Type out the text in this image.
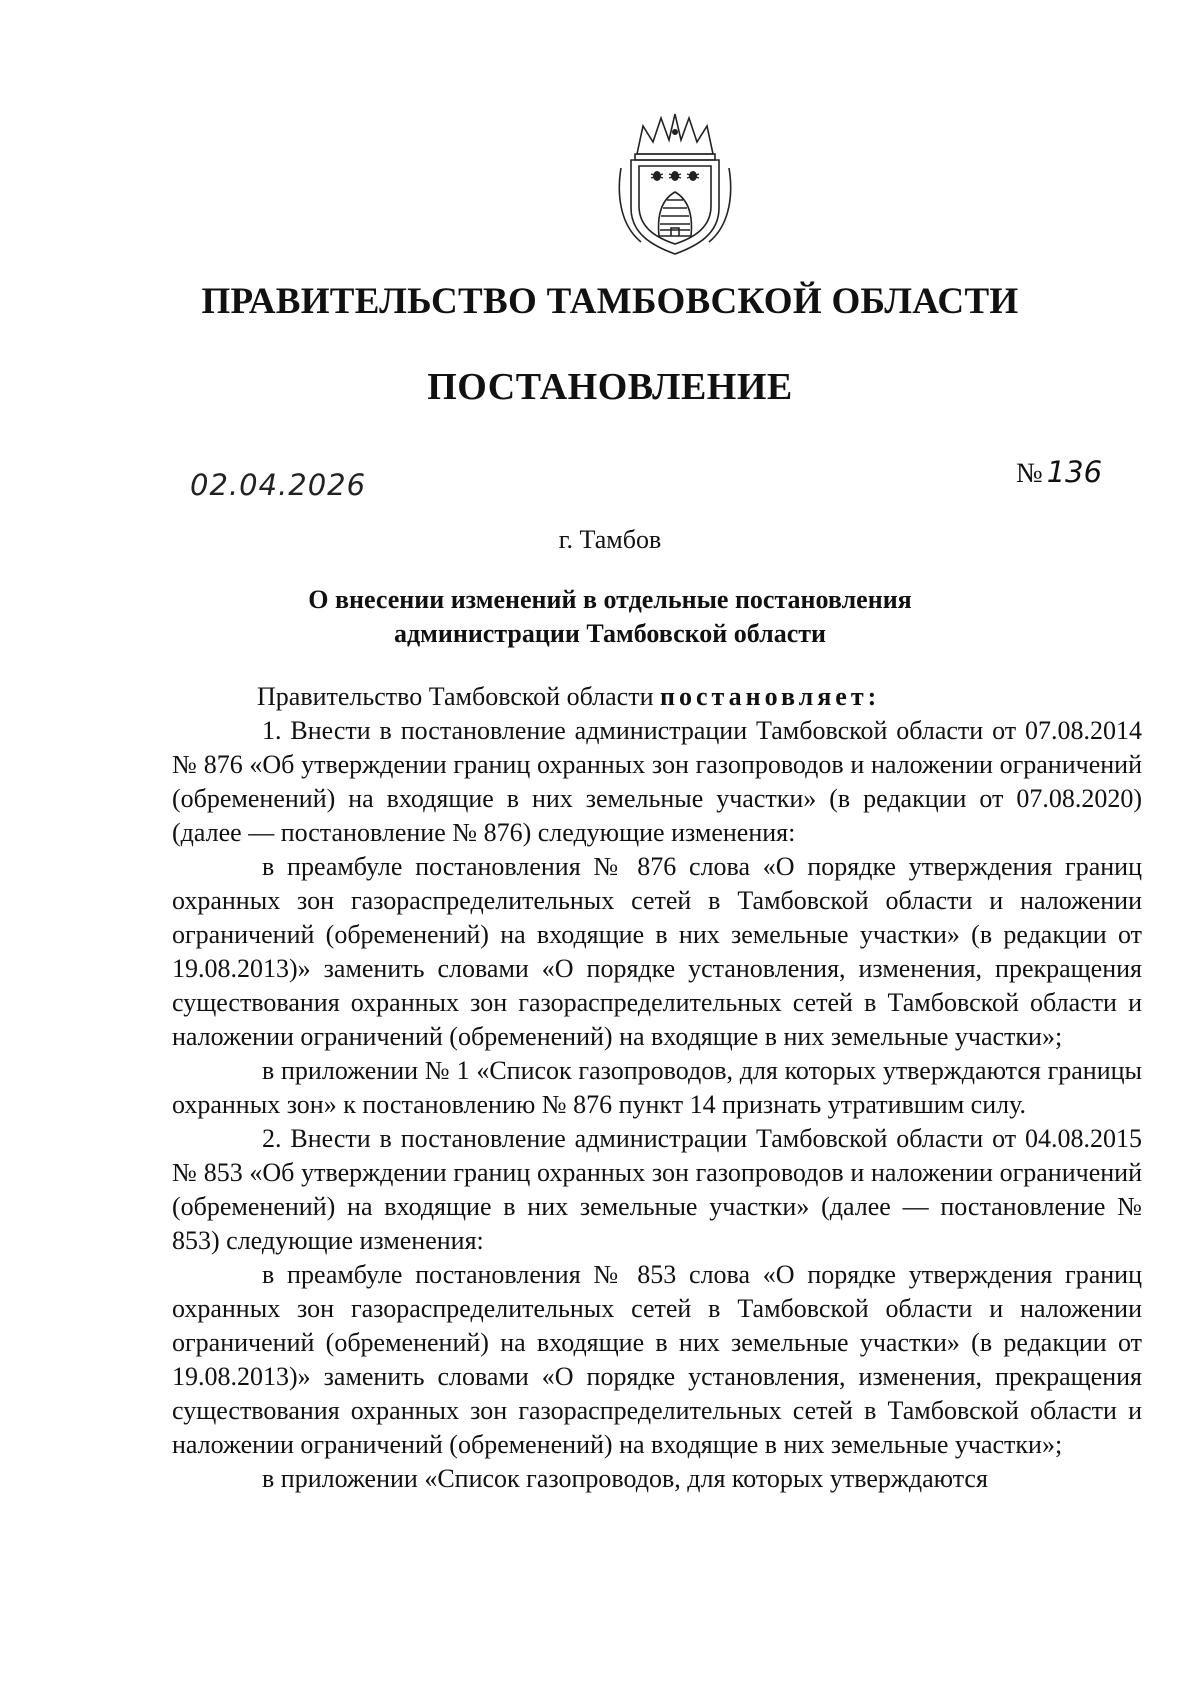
ПРАВИТЕЛЬСТВО ТАМБОВСКОЙ ОБЛАСТИ
ПОСТАНОВЛЕНИЕ
02.04.2026	№ 136
г. Тамбов
О внесении изменений в отдельные постановления
администрации Тамбовской области

Правительство Тамбовской области постановляет:

1. Внести в постановление администрации Тамбовской области от 07.08.2014 № 876 «Об утверждении границ охранных зон газопроводов и наложении ограничений (обременений) на входящие в них земельные участки» (в редакции от 07.08.2020) (далее — постановление № 876) следующие изменения:

в преамбуле постановления № 876 слова «О порядке утверждения границ охранных зон газораспределительных сетей в Тамбовской области и наложении ограничений (обременений) на входящие в них земельные участки» (в редакции от 19.08.2013)» заменить словами «О порядке установления, изменения, прекращения существования охранных зон газораспределительных сетей в Тамбовской области и наложении ограничений (обременений) на входящие в них земельные участки»;

в приложении № 1 «Список газопроводов, для которых утверждаются границы охранных зон» к постановлению № 876 пункт 14 признать утратившим силу.

2. Внести в постановление администрации Тамбовской области от 04.08.2015 № 853 «Об утверждении границ охранных зон газопроводов и наложении ограничений (обременений) на входящие в них земельные участки» (далее — постановление № 853) следующие изменения:

в преамбуле постановления № 853 слова «О порядке утверждения границ охранных зон газораспределительных сетей в Тамбовской области и наложении ограничений (обременений) на входящие в них земельные участки» (в редакции от 19.08.2013)» заменить словами «О порядке установления, изменения, прекращения существования охранных зон газораспределительных сетей в Тамбовской области и наложении ограничений (обременений) на входящие в них земельные участки»;

в приложении «Список газопроводов, для которых утверждаются
